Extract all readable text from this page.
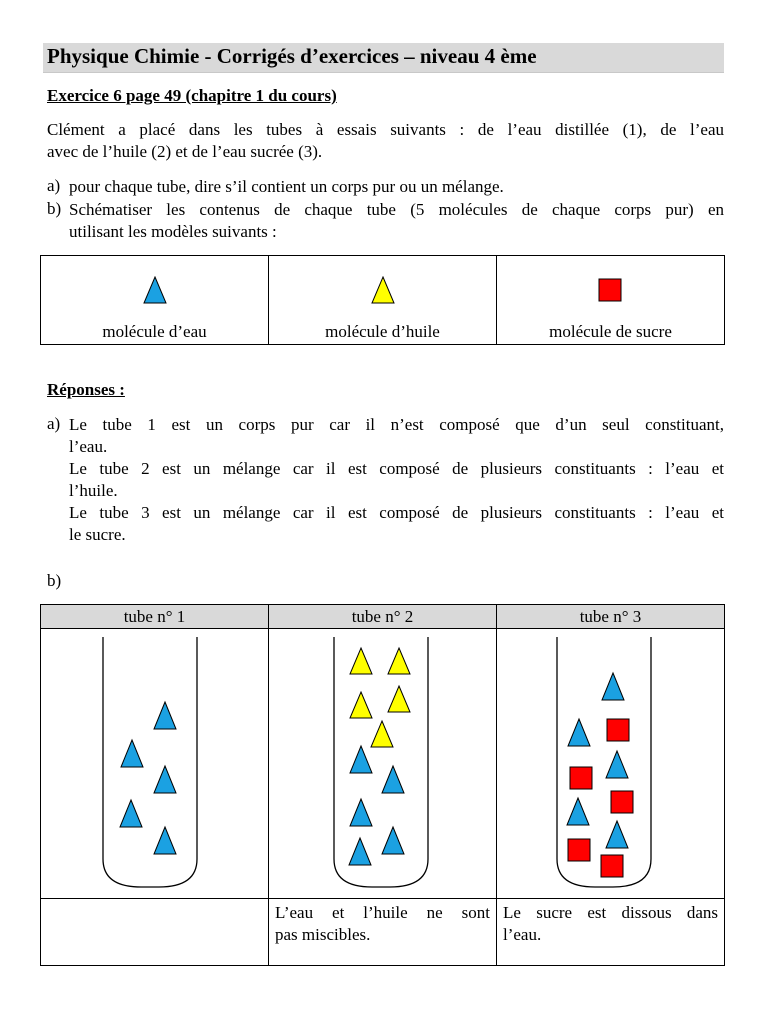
Physique Chimie - Corrigés d’exercices – niveau 4 ème
Exercice 6 page 49 (chapitre 1 du cours)
Clément a placé dans les tubes à essais suivants : de l’eau distillée (1), de l’eau
avec de l’huile (2) et de l’eau sucrée (3).
a) pour chaque tube, dire s’il contient un corps pur ou un mélange.
b) Schématiser les contenus de chaque tube (5 molécules de chaque corps pur) en
utilisant les modèles suivants :
molécule d’eau	molécule d’huile	molécule de sucre
Réponses :
a) Le tube 1 est un corps pur car il n’est composé que d’un seul constituant,
l’eau.
Le tube 2 est un mélange car il est composé de plusieurs constituants : l’eau et
l’huile.
Le tube 3 est un mélange car il est composé de plusieurs constituants : l’eau et
le sucre.
b)
tube n° 1	tube n° 2	tube n° 3

	L’eau et l’huile ne sont
pas miscibles.	Le sucre est dissous dans
l’eau.
